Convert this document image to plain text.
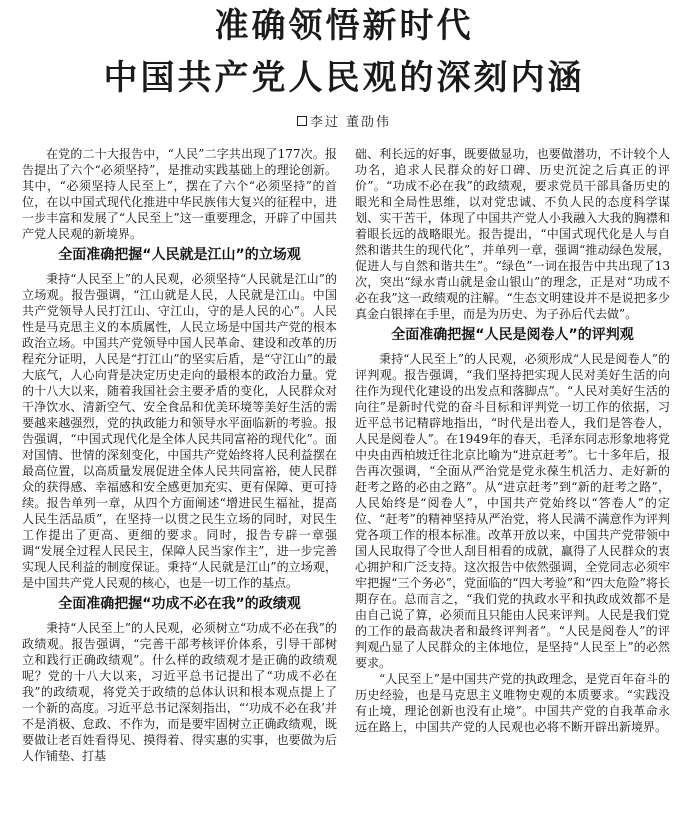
准确领悟新时代
中国共产党人民观的深刻内涵
李过 董劭伟

在党的二十大报告中，“人民”二字共出现了177次。报告提出了六个“必须坚持”，是推动实践基础上的理论创新。其中，“必须坚持人民至上”，摆在了六个“必须坚持”的首位，在以中国式现代化推进中华民族伟大复兴的征程中，进一步丰富和发展了“人民至上”这一重要理念，开辟了中国共产党人民观的新境界。

全面准确把握“人民就是江山”的立场观

秉持“人民至上”的人民观，必须坚持“人民就是江山”的立场观。报告强调，“江山就是人民，人民就是江山。中国共产党领导人民打江山、守江山，守的是人民的心”。人民性是马克思主义的本质属性，人民立场是中国共产党的根本政治立场。中国共产党领导中国人民革命、建设和改革的历程充分证明，人民是“打江山”的坚实后盾，是“守江山”的最大底气，人心向背是决定历史走向的最根本的政治力量。党的十八大以来，随着我国社会主要矛盾的变化，人民群众对干净饮水、清新空气、安全食品和优美环境等美好生活的需要越来越强烈，党的执政能力和领导水平面临新的考验。报告强调，“中国式现代化是全体人民共同富裕的现代化”。面对国情、世情的深刻变化，中国共产党始终将人民利益摆在最高位置，以高质量发展促进全体人民共同富裕，使人民群众的获得感、幸福感和安全感更加充实、更有保障、更可持续。报告单列一章，从四个方面阐述“增进民生福祉，提高人民生活品质”，在坚持一以贯之民生立场的同时，对民生工作提出了更高、更细的要求。同时，报告专辟一章强调“发展全过程人民民主，保障人民当家作主”，进一步完善实现人民利益的制度保证。秉持“人民就是江山”的立场观，是中国共产党人民观的核心，也是一切工作的基点。

全面准确把握“功成不必在我”的政绩观

秉持“人民至上”的人民观，必须树立“功成不必在我”的政绩观。报告强调，“完善干部考核评价体系，引导干部树立和践行正确政绩观”。什么样的政绩观才是正确的政绩观呢？党的十八大以来，习近平总书记提出了“功成不必在我”的政绩观，将党关于政绩的总体认识和根本观点提上了一个新的高度。习近平总书记深刻指出，“‘功成不必在我’并不是消极、怠政、不作为，而是要牢固树立正确政绩观，既要做让老百姓看得见、摸得着、得实惠的实事，也要做为后人作铺垫、打基

础、利长远的好事，既要做显功，也要做潜功，不计较个人功名，追求人民群众的好口碑、历史沉淀之后真正的评价”。“功成不必在我”的政绩观，要求党员干部具备历史的眼光和全局性思维，以对党忠诚、不负人民的态度科学谋划、实干苦干，体现了中国共产党人小我融入大我的胸襟和着眼长远的战略眼光。报告提出，“中国式现代化是人与自然和谐共生的现代化”，并单列一章，强调“推动绿色发展，促进人与自然和谐共生”。“绿色”一词在报告中共出现了13次，突出“绿水青山就是金山银山”的理念，正是对“功成不必在我”这一政绩观的注解。“生态文明建设并不是说把多少真金白银摔在手里，而是为历史、为子孙后代去做”。

全面准确把握“人民是阅卷人”的评判观

秉持“人民至上”的人民观，必须形成“人民是阅卷人”的评判观。报告强调，“我们坚持把实现人民对美好生活的向往作为现代化建设的出发点和落脚点”。“人民对美好生活的向往”是新时代党的奋斗目标和评判党一切工作的依据，习近平总书记精辟地指出，“时代是出卷人，我们是答卷人，人民是阅卷人”。在1949年的春天，毛泽东同志形象地将党中央由西柏坡迁往北京比喻为“进京赶考”。七十多年后，报告再次强调，“全面从严治党是党永葆生机活力、走好新的赶考之路的必由之路”。从“进京赶考”到“新的赶考之路”，人民始终是“阅卷人”，中国共产党始终以“答卷人”的定位、“赶考”的精神坚持从严治党，将人民满不满意作为评判党各项工作的根本标准。改革开放以来，中国共产党带领中国人民取得了令世人刮目相看的成就，赢得了人民群众的衷心拥护和广泛支持。这次报告中依然强调，全党同志必须牢牢把握“三个务必”，党面临的“四大考验”和“四大危险”将长期存在。总而言之，“我们党的执政水平和执政成效都不是由自己说了算，必须而且只能由人民来评判。人民是我们党的工作的最高裁决者和最终评判者”。“人民是阅卷人”的评判观凸显了人民群众的主体地位，是坚持“人民至上”的必然要求。

“人民至上”是中国共产党的执政理念，是党百年奋斗的历史经验，也是马克思主义唯物史观的本质要求。“实践没有止境，理论创新也没有止境”。中国共产党的自我革命永远在路上，中国共产党的人民观也必将不断开辟出新境界。
